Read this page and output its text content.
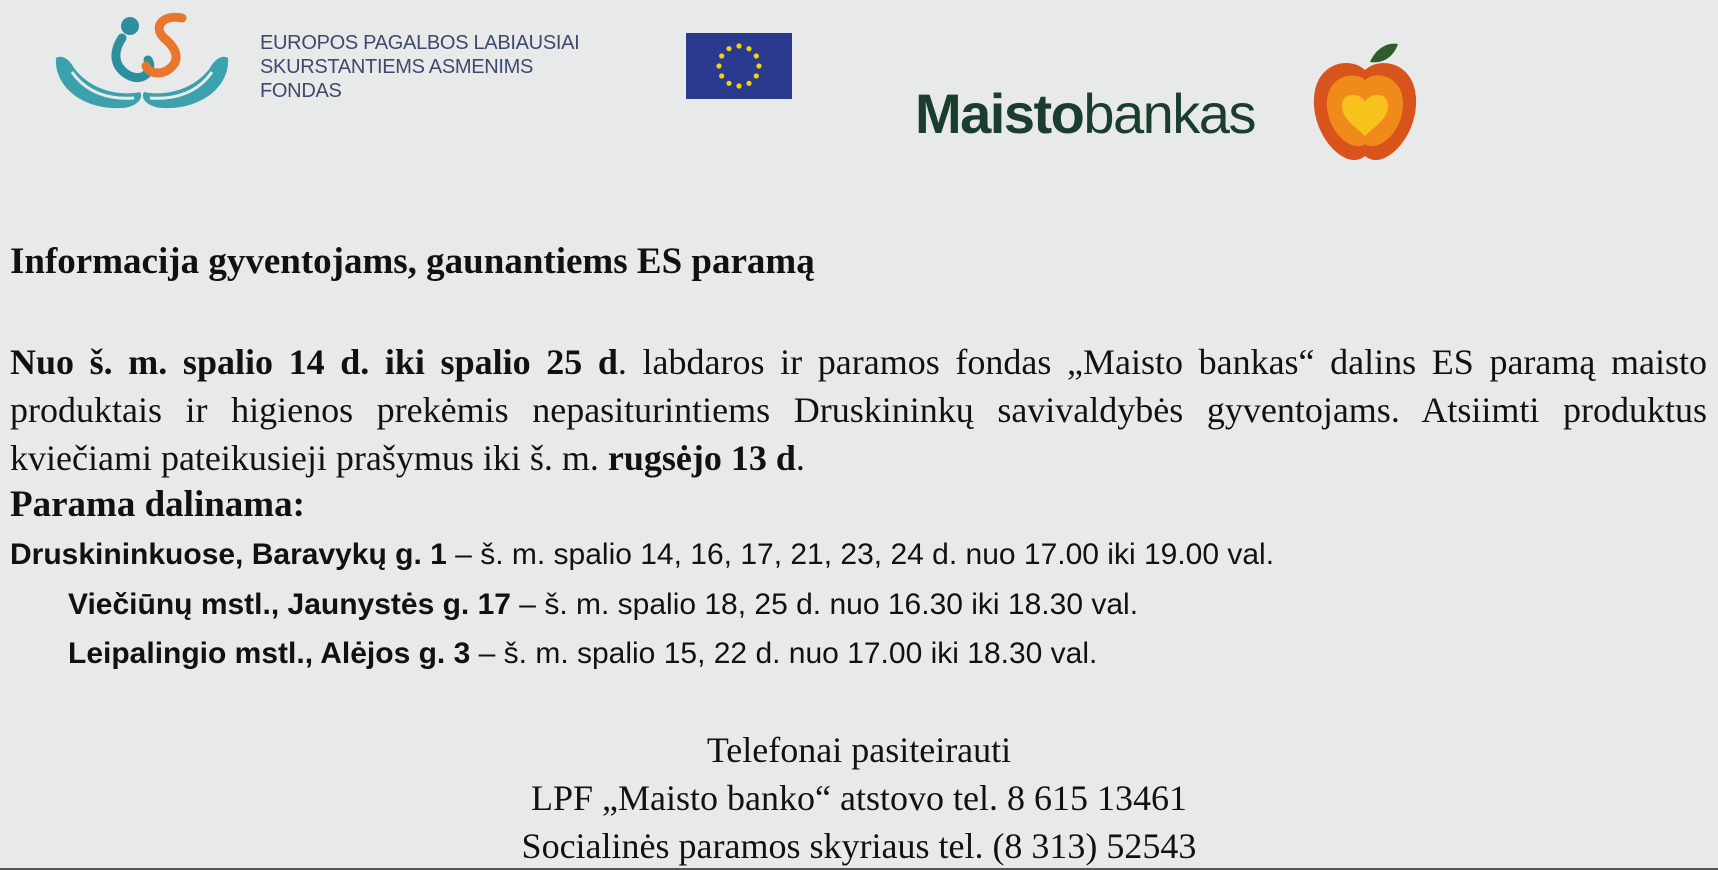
EUROPOS PAGALBOS LABIAUSIAI
SKURSTANTIEMS ASMENIMS
FONDAS	Maistobankas
Informacija gyventojams, gaunantiems ES paramą

Nuo š. m. spalio 14 d. iki spalio 25 d. labdaros ir paramos fondas „Maisto bankas“ dalins ES paramą maisto produktais ir higienos prekėmis nepasiturintiems Druskininkų savivaldybės gyventojams. Atsiimti produktus kviečiami pateikusieji prašymus iki š. m. rugsėjo 13 d.

Parama dalinama:
Druskininkuose, Baravykų g. 1 – š. m. spalio 14, 16, 17, 21, 23, 24 d. nuo 17.00 iki 19.00 val.
Viečiūnų mstl., Jaunystės g. 17 – š. m. spalio 18, 25 d. nuo 16.30 iki 18.30 val.
Leipalingio mstl., Alėjos g. 3 – š. m. spalio 15, 22 d. nuo 17.00 iki 18.30 val.
Telefonai pasiteirauti
LPF „Maisto banko“ atstovo tel. 8 615 13461
Socialinės paramos skyriaus tel. (8 313) 52543
